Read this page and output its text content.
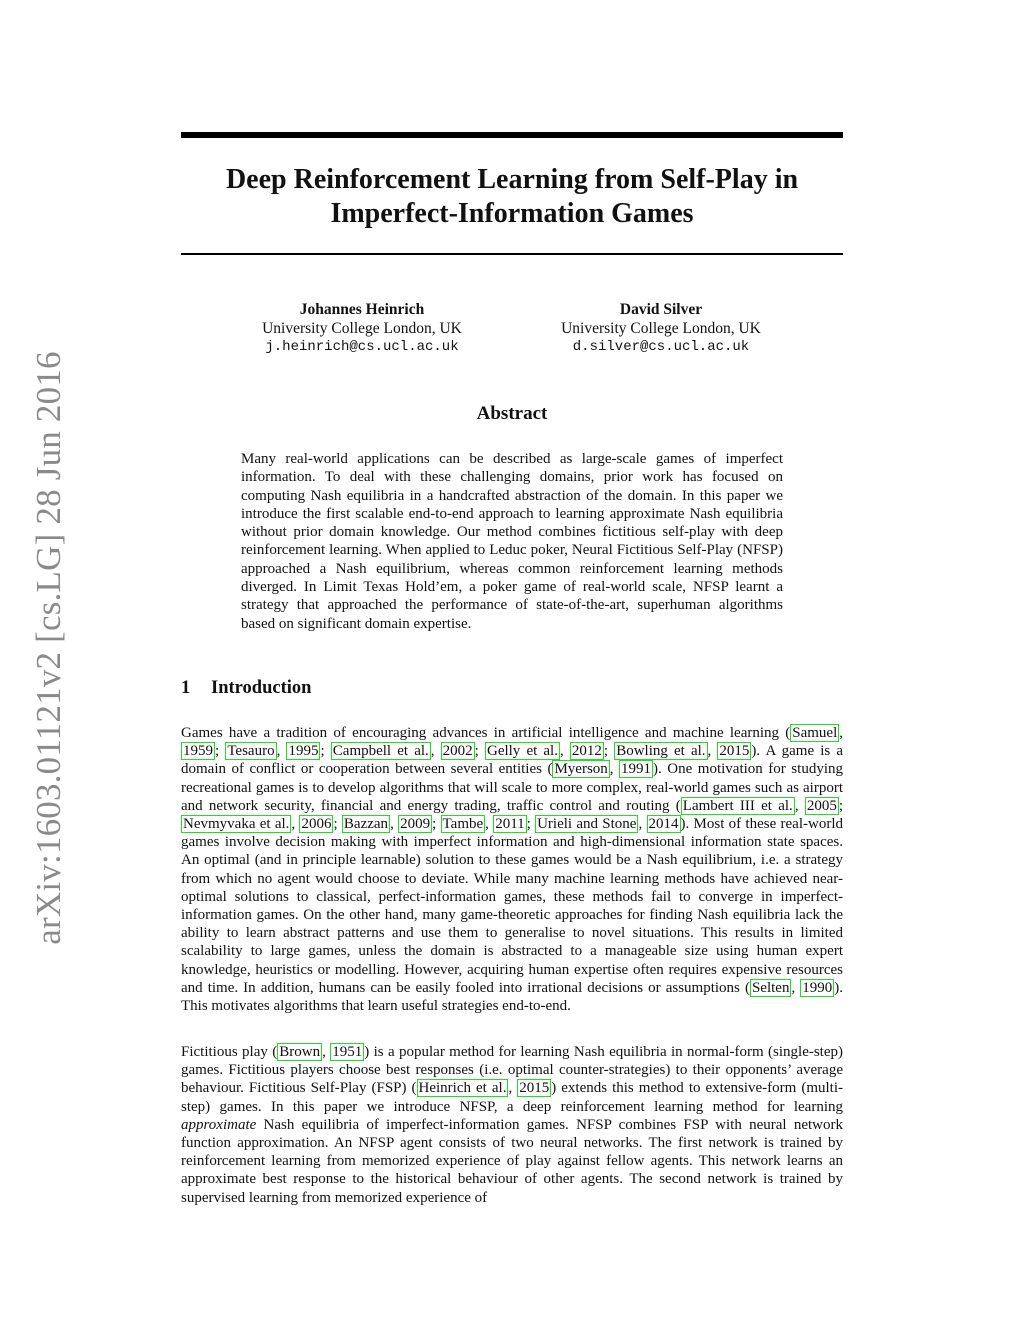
arXiv:1603.01121v2 [cs.LG] 28 Jun 2016
Deep Reinforcement Learning from Self-Play in
Imperfect-Information Games
Johannes Heinrich
University College London, UK
j.heinrich@cs.ucl.ac.uk
David Silver
University College London, UK
d.silver@cs.ucl.ac.uk
Abstract

Many real-world applications can be described as large-scale games of imperfect information. To deal with these challenging domains, prior work has focused on computing Nash equilibria in a handcrafted abstraction of the domain. In this paper we introduce the first scalable end-to-end approach to learning approximate Nash equilibria without prior domain knowledge. Our method combines fictitious self-play with deep reinforcement learning. When applied to Leduc poker, Neural Fictitious Self-Play (NFSP) approached a Nash equilibrium, whereas common reinforcement learning methods diverged. In Limit Texas Hold’em, a poker game of real-world scale, NFSP learnt a strategy that approached the performance of state-of-the-art, superhuman algorithms based on significant domain expertise.

1 Introduction

Games have a tradition of encouraging advances in artificial intelligence and machine learning ( Samuel , 1959 ; Tesauro , 1995 ; Campbell et al. , 2002 ; Gelly et al. , 2012 ; Bowling et al. , 2015 ). A game is a domain of conflict or cooperation between several entities ( Myerson , 1991 ). One motivation for studying recreational games is to develop algorithms that will scale to more complex, real-world games such as airport and network security, financial and energy trading, traffic control and routing ( Lambert III et al. , 2005 ; Nevmyvaka et al. , 2006 ; Bazzan , 2009 ; Tambe , 2011 ; Urieli and Stone , 2014 ). Most of these real-world games involve decision making with imperfect information and high-dimensional information state spaces. An optimal (and in principle learnable) solution to these games would be a Nash equilibrium, i.e. a strategy from which no agent would choose to deviate. While many machine learning methods have achieved near-optimal solutions to classical, perfect-information games, these methods fail to converge in imperfect-information games. On the other hand, many game-theoretic approaches for finding Nash equilibria lack the ability to learn abstract patterns and use them to generalise to novel situations. This results in limited scalability to large games, unless the domain is abstracted to a manageable size using human expert knowledge, heuristics or modelling. However, acquiring human expertise often requires expensive resources and time. In addition, humans can be easily fooled into irrational decisions or assumptions ( Selten , 1990 ). This motivates algorithms that learn useful strategies end-to-end.

Fictitious play ( Brown , 1951 ) is a popular method for learning Nash equilibria in normal-form (single-step) games. Fictitious players choose best responses (i.e. optimal counter-strategies) to their opponents’ average behaviour. Fictitious Self-Play (FSP) ( Heinrich et al. , 2015 ) extends this method to extensive-form (multi-step) games. In this paper we introduce NFSP, a deep reinforcement learning method for learning approximate Nash equilibria of imperfect-information games. NFSP combines FSP with neural network function approximation. An NFSP agent consists of two neural networks. The first network is trained by reinforcement learning from memorized experience of play against fellow agents. This network learns an approximate best response to the historical behaviour of other agents. The second network is trained by supervised learning from memorized experience of
